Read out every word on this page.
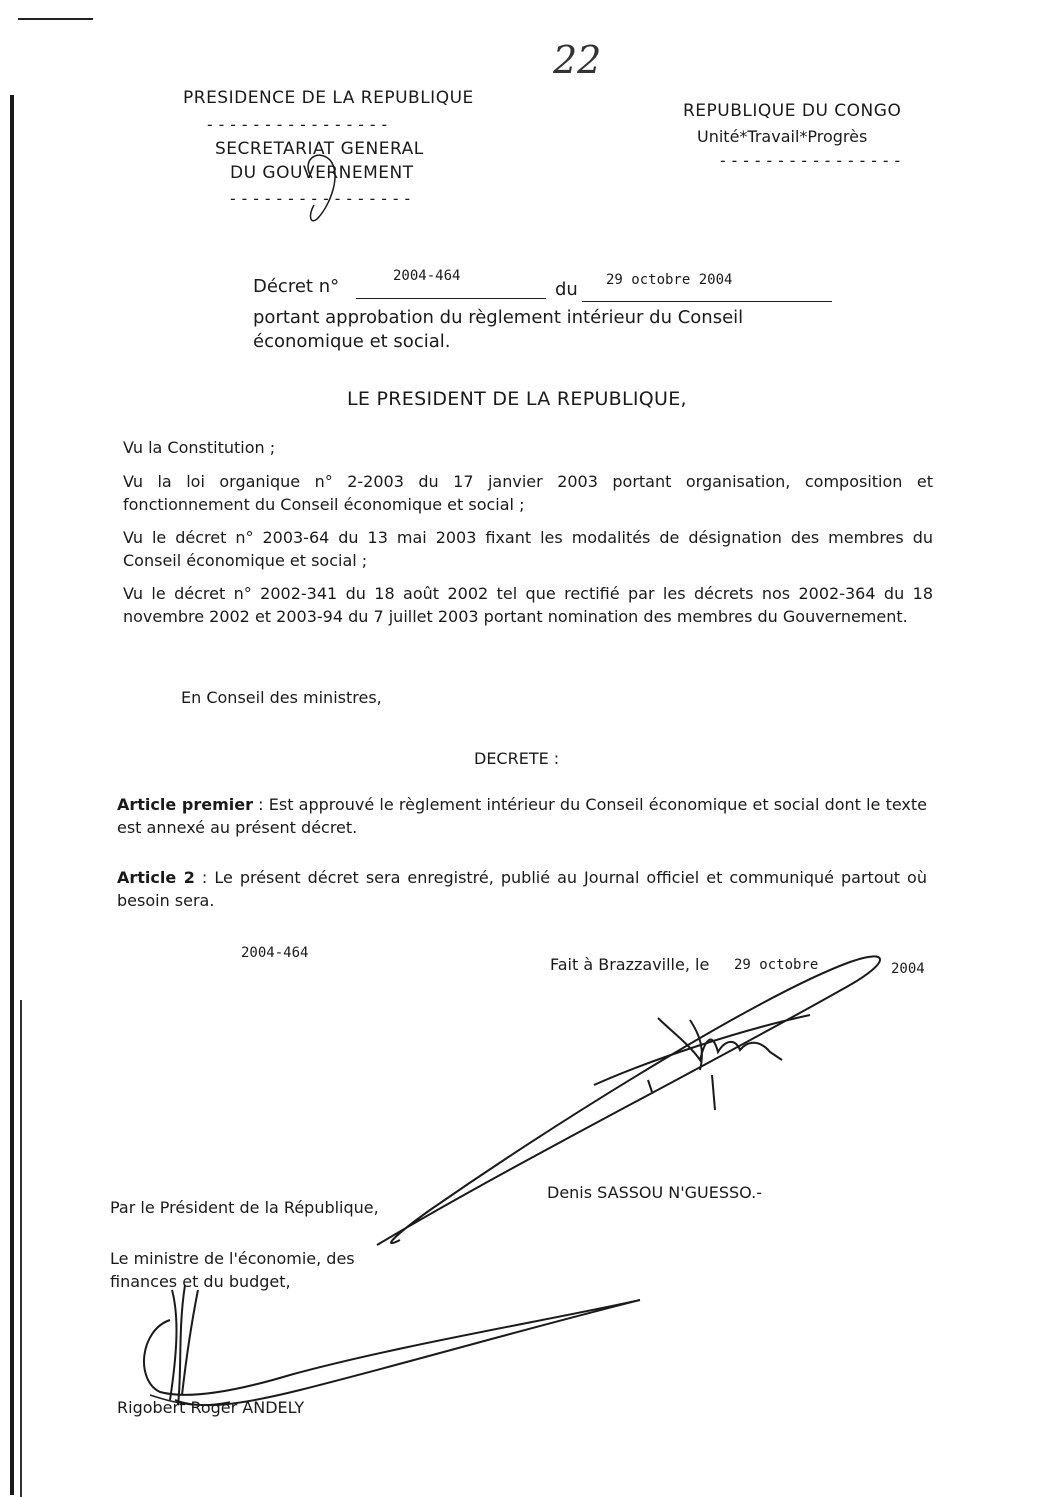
22
PRESIDENCE DE LA REPUBLIQUE
----------------
SECRETARIAT GENERAL
DU GOUVERNEMENT
----------------
REPUBLIQUE DU CONGO
Unité*Travail*Progrès
----------------
Décret n°	2004-464
du 29 octobre 2004
portant approbation du règlement intérieur du Conseil
économique et social.
LE PRESIDENT DE LA REPUBLIQUE,
Vu la Constitution ;
Vu la loi organique n° 2-2003 du 17 janvier 2003 portant organisation, composition et fonctionnement du Conseil économique et social ;
Vu le décret n° 2003-64 du 13 mai 2003 fixant les modalités de désignation des membres du Conseil économique et social ;
Vu le décret n° 2002-341 du 18 août 2002 tel que rectifié par les décrets nos 2002-364 du 18 novembre 2002 et 2003-94 du 7 juillet 2003 portant nomination des membres du Gouvernement.
En Conseil des ministres,
DECRETE :
Article premier : Est approuvé le règlement intérieur du Conseil économique et social dont le texte est annexé au présent décret.
Article 2 : Le présent décret sera enregistré, publié au Journal officiel et communiqué partout où besoin sera.
2004-464
Fait à Brazzaville, le 29 octobre	2004
Denis SASSOU N'GUESSO.-
Par le Président de la République,
Le ministre de l'économie, des
finances et du budget,
Rigobert Roger ANDELY
